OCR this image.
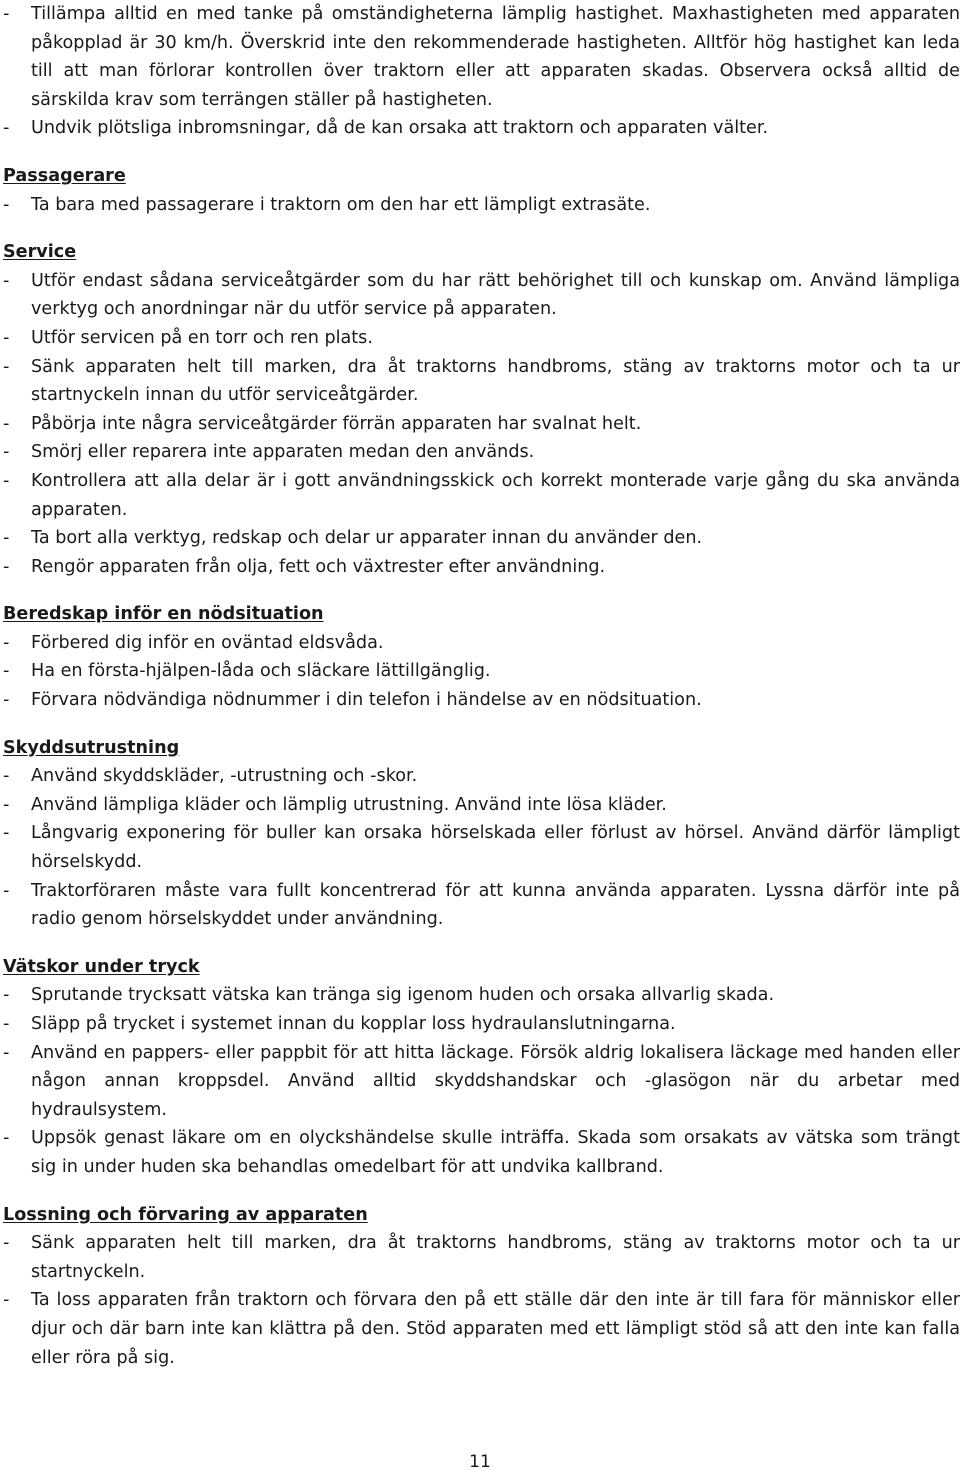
- Tillämpa alltid en med tanke på omständigheterna lämplig hastighet. Maxhastigheten med apparaten påkopplad är 30 km/h. Överskrid inte den rekommenderade hastigheten. Alltför hög hastighet kan leda till att man förlorar kontrollen över traktorn eller att apparaten skadas. Observera också alltid de särskilda krav som terrängen ställer på hastigheten.

- Undvik plötsliga inbromsningar, då de kan orsaka att traktorn och apparaten välter.

Passagerare

- Ta bara med passagerare i traktorn om den har ett lämpligt extrasäte.

Service

- Utför endast sådana serviceåtgärder som du har rätt behörighet till och kunskap om. Använd lämpliga verktyg och anordningar när du utför service på apparaten.

- Utför servicen på en torr och ren plats.

- Sänk apparaten helt till marken, dra åt traktorns handbroms, stäng av traktorns motor och ta ur startnyckeln innan du utför serviceåtgärder.

- Påbörja inte några serviceåtgärder förrän apparaten har svalnat helt.

- Smörj eller reparera inte apparaten medan den används.

- Kontrollera att alla delar är i gott användningsskick och korrekt monterade varje gång du ska använda apparaten.

- Ta bort alla verktyg, redskap och delar ur apparater innan du använder den.

- Rengör apparaten från olja, fett och växtrester efter användning.

Beredskap inför en nödsituation

- Förbered dig inför en oväntad eldsvåda.

- Ha en första-hjälpen-låda och släckare lättillgänglig.

- Förvara nödvändiga nödnummer i din telefon i händelse av en nödsituation.

Skyddsutrustning

- Använd skyddskläder, -utrustning och -skor.

- Använd lämpliga kläder och lämplig utrustning. Använd inte lösa kläder.

- Långvarig exponering för buller kan orsaka hörselskada eller förlust av hörsel. Använd därför lämpligt hörselskydd.

- Traktorföraren måste vara fullt koncentrerad för att kunna använda apparaten. Lyssna därför inte på radio genom hörselskyddet under användning.

Vätskor under tryck

- Sprutande trycksatt vätska kan tränga sig igenom huden och orsaka allvarlig skada.

- Släpp på trycket i systemet innan du kopplar loss hydraulanslutningarna.

- Använd en pappers- eller pappbit för att hitta läckage. Försök aldrig lokalisera läckage med handen eller någon annan kroppsdel. Använd alltid skyddshandskar och -glasögon när du arbetar med hydraulsystem.

- Uppsök genast läkare om en olyckshändelse skulle inträffa. Skada som orsakats av vätska som trängt sig in under huden ska behandlas omedelbart för att undvika kallbrand.

Lossning och förvaring av apparaten

- Sänk apparaten helt till marken, dra åt traktorns handbroms, stäng av traktorns motor och ta ur startnyckeln.

- Ta loss apparaten från traktorn och förvara den på ett ställe där den inte är till fara för människor eller djur och där barn inte kan klättra på den. Stöd apparaten med ett lämpligt stöd så att den inte kan falla eller röra på sig.

11
